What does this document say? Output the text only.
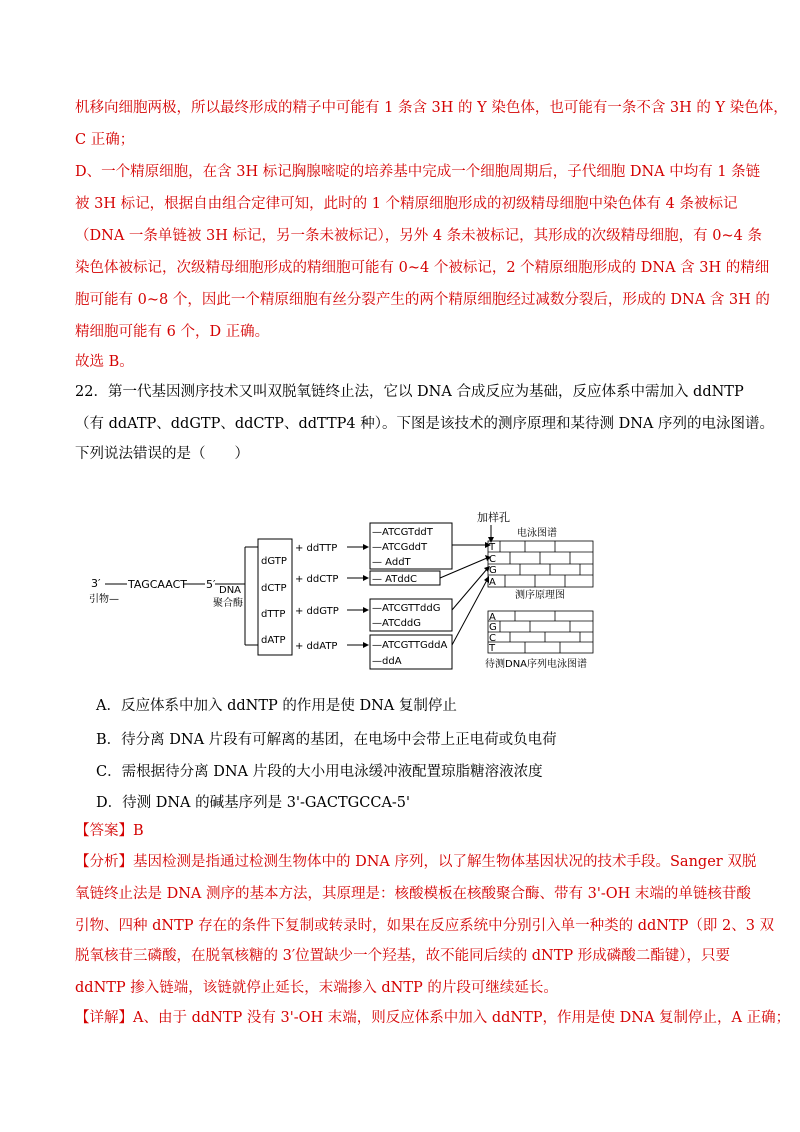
机移向细胞两极，所以最终形成的精子中可能有 1 条含 3H 的 Y 染色体，也可能有一条不含 3H 的 Y 染色体，
C 正确；
D、一个精原细胞，在含 3H 标记胸腺嘧啶的培养基中完成一个细胞周期后，子代细胞 DNA 中均有 1 条链
被 3H 标记，根据自由组合定律可知，此时的 1 个精原细胞形成的初级精母细胞中染色体有 4 条被标记
（DNA 一条单链被 3H 标记，另一条未被标记），另外 4 条未被标记，其形成的次级精母细胞，有 0~4 条
染色体被标记，次级精母细胞形成的精细胞可能有 0~4 个被标记，2 个精原细胞形成的 DNA 含 3H 的精细
胞可能有 0~8 个，因此一个精原细胞有丝分裂产生的两个精原细胞经过减数分裂后，形成的 DNA 含 3H 的
精细胞可能有 6 个，D 正确。
故选 B。
22．第一代基因测序技术又叫双脱氧链终止法，它以 DNA 合成反应为基础，反应体系中需加入 ddNTP
（有 ddATP、ddGTP、ddCTP、ddTTP4 种）。下图是该技术的测序原理和某待测 DNA 序列的电泳图谱。
下列说法错误的是（　　）
3′	TAGCAACT 5′
引物—
DNA
聚合酶
dGTP
dCTP
dTTP
dATP
+ ddTTP
+ ddCTP
+ ddGTP
+ ddATP
—ATCGTddT
—ATCGddT
— AddT
— ATddC
—ATCGTTddG
—ATCddG
—ATCGTTGddA
—ddA
加样孔
电泳图谱
T
C
G
A
测序原理图
A
G
C
T
待测DNA序列电泳图谱
A．反应体系中加入 ddNTP 的作用是使 DNA 复制停止
B．待分离 DNA 片段有可解离的基团，在电场中会带上正电荷或负电荷
C．需根据待分离 DNA 片段的大小用电泳缓冲液配置琼脂糖溶液浓度
D．待测 DNA 的碱基序列是 3'-GACTGCCA-5'
【答案】B
【分析】基因检测是指通过检测生物体中的 DNA 序列，以了解生物体基因状况的技术手段。Sanger 双脱
氧链终止法是 DNA 测序的基本方法，其原理是：核酸模板在核酸聚合酶、带有 3'-OH 末端的单链核苷酸
引物、四种 dNTP 存在的条件下复制或转录时，如果在反应系统中分别引入单一种类的 ddNTP（即 2、3 双
脱氧核苷三磷酸，在脱氧核糖的 3′位置缺少一个羟基，故不能同后续的 dNTP 形成磷酸二酯键），只要
ddNTP 掺入链端，该链就停止延长，末端掺入 dNTP 的片段可继续延长。
【详解】A、由于 ddNTP 没有 3'-OH 末端，则反应体系中加入 ddNTP，作用是使 DNA 复制停止，A 正确；
